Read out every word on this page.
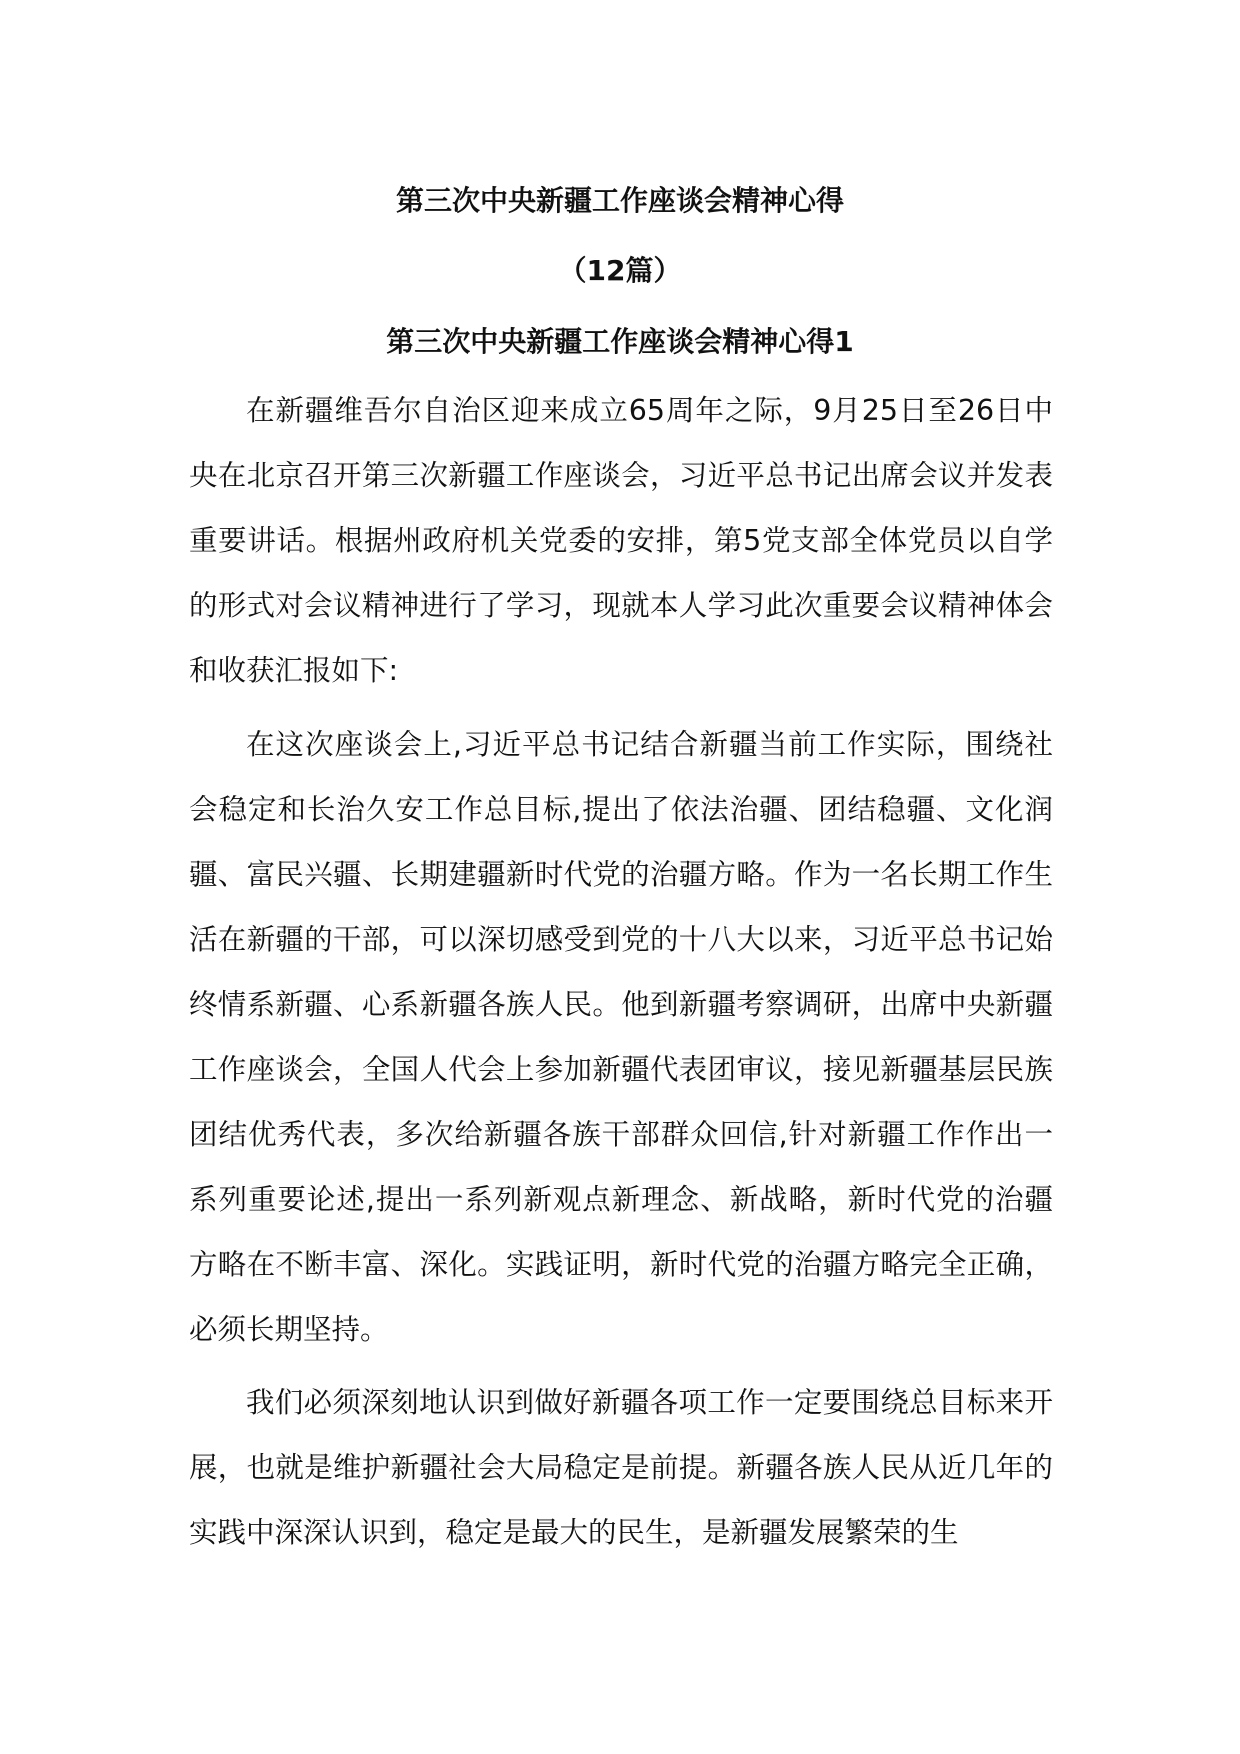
第三次中央新疆工作座谈会精神心得
（12篇）
第三次中央新疆工作座谈会精神心得1

在新疆维吾尔自治区迎来成立65周年之际，9月25日至26日中央在北京召开第三次新疆工作座谈会，习近平总书记出席会议并发表重要讲话。根据州政府机关党委的安排，第5党支部全体党员以自学的形式对会议精神进行了学习，现就本人学习此次重要会议精神体会和收获汇报如下:

在这次座谈会上,习近平总书记结合新疆当前工作实际，围绕社会稳定和长治久安工作总目标,提出了依法治疆、团结稳疆、文化润疆、富民兴疆、长期建疆新时代党的治疆方略。作为一名长期工作生活在新疆的干部，可以深切感受到党的十八大以来，习近平总书记始终情系新疆、心系新疆各族人民。他到新疆考察调研，出席中央新疆工作座谈会，全国人代会上参加新疆代表团审议，接见新疆基层民族团结优秀代表，多次给新疆各族干部群众回信,针对新疆工作作出一系列重要论述,提出一系列新观点新理念、新战略，新时代党的治疆方略在不断丰富、深化。实践证明，新时代党的治疆方略完全正确，必须长期坚持。

我们必须深刻地认识到做好新疆各项工作一定要围绕总目标来开展，也就是维护新疆社会大局稳定是前提。新疆各族人民从近几年的实践中深深认识到，稳定是最大的民生，是新疆发展繁荣的生
